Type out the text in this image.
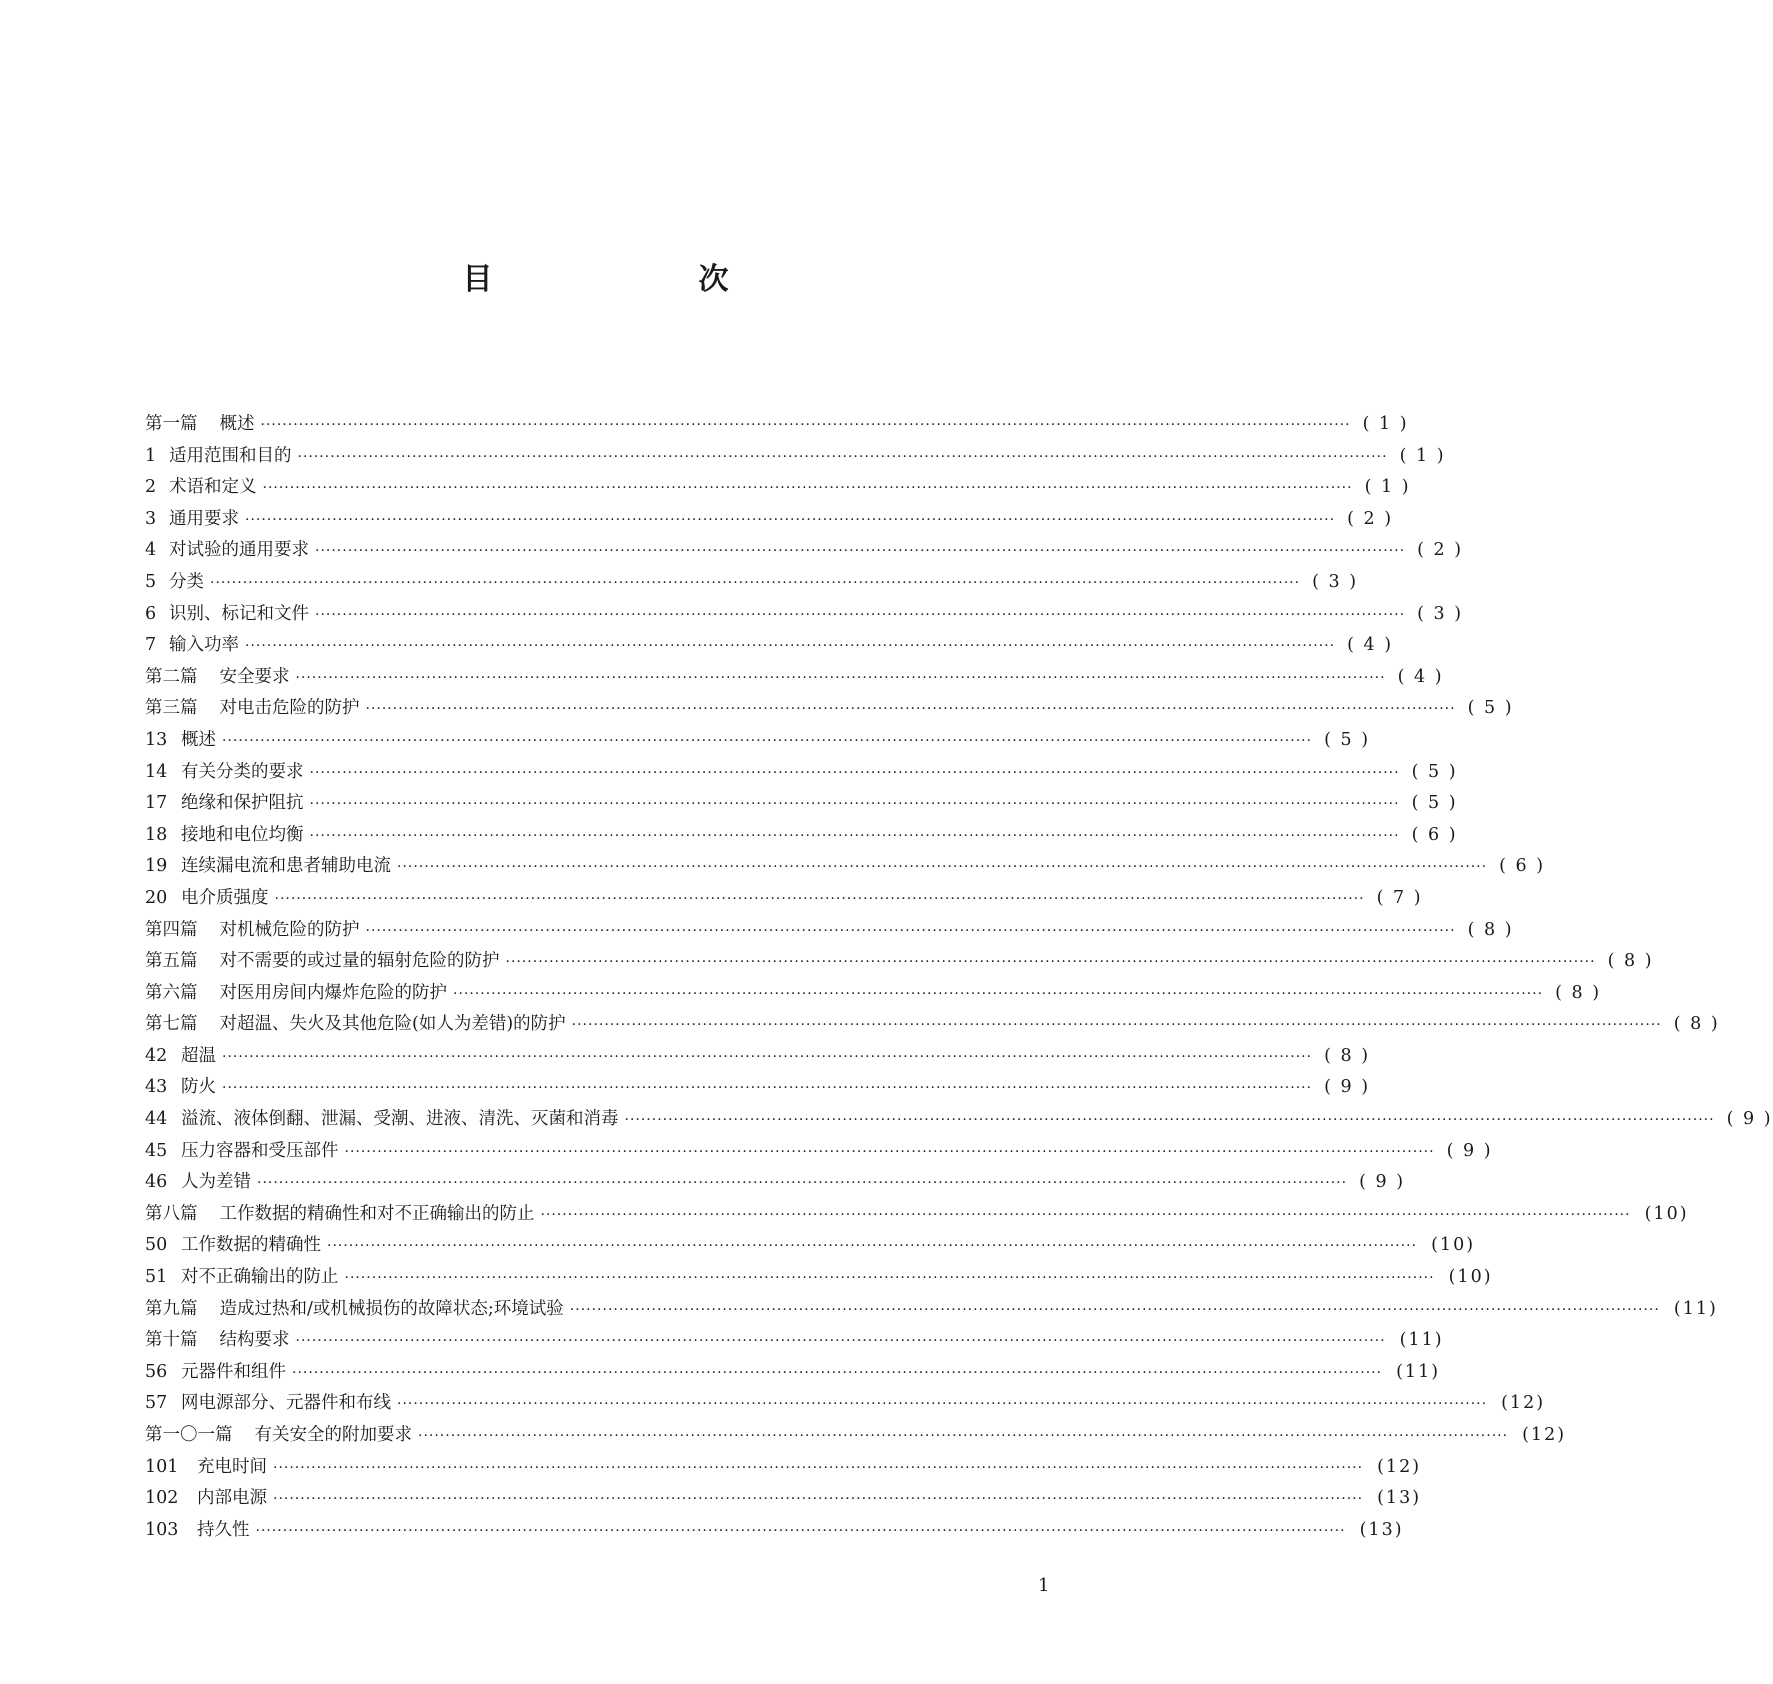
目　次
第一篇 概述 ········································································································································································································ ( 1 )
1 适用范围和目的 ········································································································································································································ ( 1 )
2 术语和定义 ········································································································································································································ ( 1 )
3 通用要求 ········································································································································································································ ( 2 )
4 对试验的通用要求 ········································································································································································································ ( 2 )
5 分类 ········································································································································································································ ( 3 )
6 识别、标记和文件 ········································································································································································································ ( 3 )
7 输入功率 ········································································································································································································ ( 4 )
第二篇 安全要求 ········································································································································································································ ( 4 )
第三篇 对电击危险的防护 ········································································································································································································ ( 5 )
13 概述 ········································································································································································································ ( 5 )
14 有关分类的要求 ········································································································································································································ ( 5 )
17 绝缘和保护阻抗 ········································································································································································································ ( 5 )
18 接地和电位均衡 ········································································································································································································ ( 6 )
19 连续漏电流和患者辅助电流 ········································································································································································································ ( 6 )
20 电介质强度 ········································································································································································································ ( 7 )
第四篇 对机械危险的防护 ········································································································································································································ ( 8 )
第五篇 对不需要的或过量的辐射危险的防护 ········································································································································································································ ( 8 )
第六篇 对医用房间内爆炸危险的防护 ········································································································································································································ ( 8 )
第七篇 对超温、失火及其他危险(如人为差错)的防护 ········································································································································································································ ( 8 )
42 超温 ········································································································································································································ ( 8 )
43 防火 ········································································································································································································ ( 9 )
44 溢流、液体倒翻、泄漏、受潮、进液、清洗、灭菌和消毒 ········································································································································································································ ( 9 )
45 压力容器和受压部件 ········································································································································································································ ( 9 )
46 人为差错 ········································································································································································································ ( 9 )
第八篇 工作数据的精确性和对不正确输出的防止 ········································································································································································································ (10)
50 工作数据的精确性 ········································································································································································································ (10)
51 对不正确输出的防止 ········································································································································································································ (10)
第九篇 造成过热和/或机械损伤的故障状态;环境试验 ········································································································································································································ (11)
第十篇 结构要求 ········································································································································································································ (11)
56 元器件和组件 ········································································································································································································ (11)
57 网电源部分、元器件和布线 ········································································································································································································ (12)
第一〇一篇 有关安全的附加要求 ········································································································································································································ (12)
101	充电时间 ········································································································································································································ (12)
102	内部电源 ········································································································································································································ (13)
103	持久性 ········································································································································································································ (13)
1
